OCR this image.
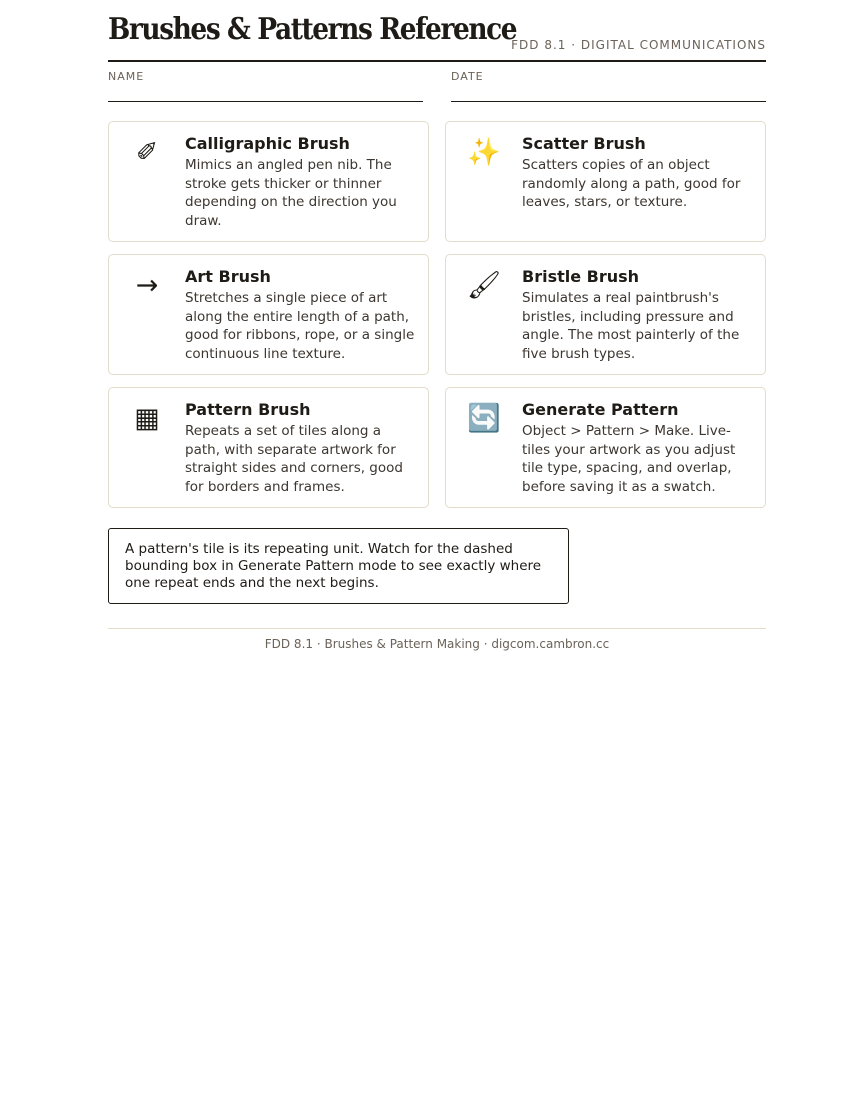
Brushes & Patterns Reference
FDD 8.1 · DIGITAL COMMUNICATIONS
NAME	DATE
✐	Calligraphic Brush

Mimics an angled pen nib. The stroke gets thicker or thinner depending on the direction you draw.

✨ Scatter Brush

Scatters copies of an object randomly along a path, good for leaves, stars, or texture.

→	Art Brush

Stretches a single piece of art along the entire length of a path, good for ribbons, rope, or a single continuous line texture.

🖌 Bristle Brush

Simulates a real paintbrush's bristles, including pressure and angle. The most painterly of the five brush types.

▦	Pattern Brush

Repeats a set of tiles along a path, with separate artwork for straight sides and corners, good for borders and frames.

🔄 Generate Pattern

Object > Pattern > Make. Live-tiles your artwork as you adjust tile type, spacing, and overlap, before saving it as a swatch.

A pattern's tile is its repeating unit. Watch for the dashed bounding box in Generate Pattern mode to see exactly where one repeat ends and the next begins.
FDD 8.1 · Brushes & Pattern Making · digcom.cambron.cc
